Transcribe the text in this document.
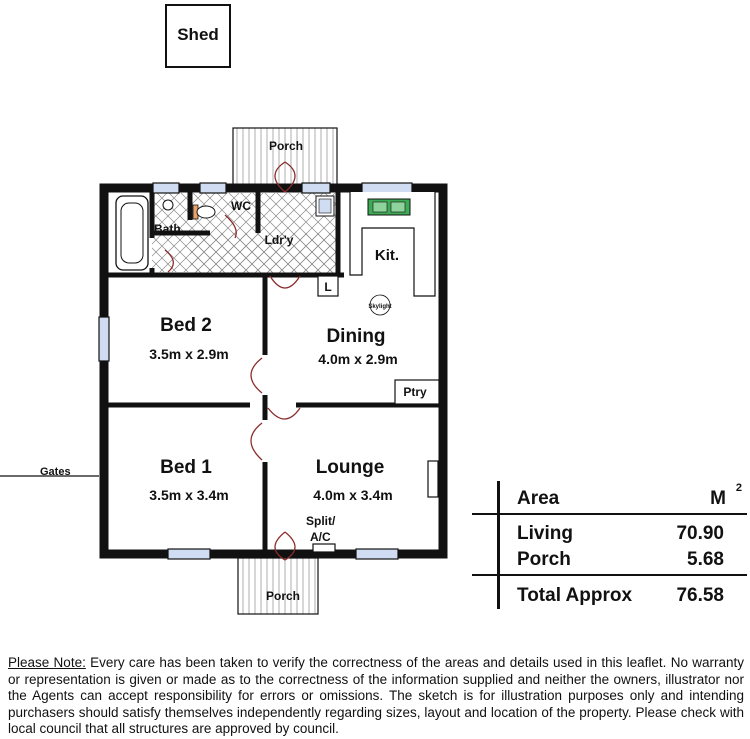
Shed
Porch
Porch
Bath
WC
Ldr'y
Kit.
L
Skylight
Ptry
Gates
Bed 2
3.5m x 2.9m
Dining
4.0m x 2.9m
Bed 1
3.5m x 3.4m
Lounge
4.0m x 3.4m
Split/
A/C
Area	M 2
Living	70.90
Porch	5.68
Total Approx 76.58
Please Note: Every care has been taken to verify the correctness of the areas and details used in this leaflet. No warranty or representation is given or made as to the correctness of the information supplied and neither the owners, illustrator nor the Agents can accept responsibility for errors or omissions. The sketch is for illustration purposes only and intending purchasers should satisfy themselves independently regarding sizes, layout and location of the property. Please check with local council that all structures are approved by council.
